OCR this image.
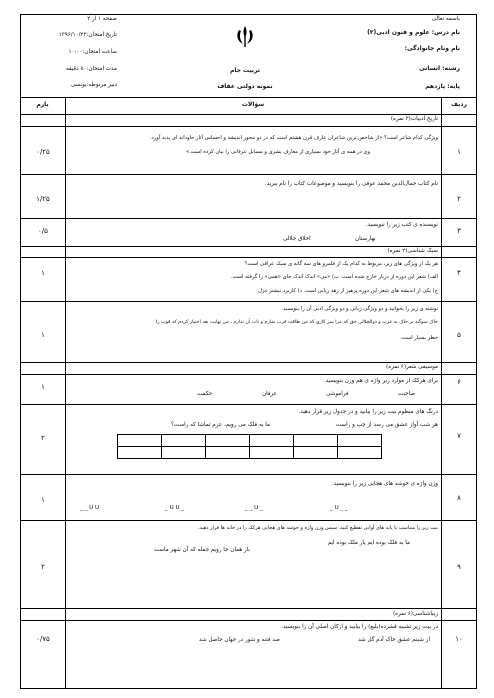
باسمه تعالی
نام درس: علوم و فنون ادبی(۲)
نام ونام خانوادگی:
رشته: انسانی
پایه: یازدهم
صفحه ۱ از ۲
تاریخ امتحان:۱۳۹۶/۱۰/۲۳
ساعت امتحان:۱۰:۰۰
مدت امتحان:۸۰ دقیقه
دبیر مربوطه:یونسی
تربیت جام
نمونه دولتی عفاف
ردیف
سؤالات
بارم
تاریخ ادبیات(۲ نمره)
۱
۰/۲۵
ویژگی کدام شاعر است؟ «از شاخص ترین شاعران عارف قرن هشتم است که در دو محور اندیشه و احساس آثار جاودانه ای پدید آورد.
وی در همه ی آثار خود بسیاری از معارف بشری و مسایل عرفانی را بیان کرده است.»
۲
۱/۲۵
نام کتاب جمال‌الدین محمد عوفی را بنویسید و موضوعات کتاب را نام ببرید.
۳
۰/۵
نویسنده ی کتب زیر را بنویسید.
بهارستان
اخلاق جلالی
سبک شناسی(۲ نمره)
۴
۱
هر یک از ویژگی های زیر، مربوط به کدام یک از قلمرو های سه گانه ی سبک عراقی است؟
الف) شعر این دوره از دربار خارج شده است. ب) «می» اندک اندک جای «همی» را گرفته است.
ج) یکی از اندیشه های شعر این دوره پرهیز از زهد ریایی است. د) کاربرد بیشتر غزل
۵
۱
نوشته ی زیر را بخوانید و دو ویژگی زبانی و دو ویژگی ادبی آن را بنویسید.
خاک سوگند بر خاک به عزت و ذوالجلالی حق که مرا سر کاری که من طاقت قرب نمارم و تاب آن ندارم ، من نهایت بعد اختیار کردم که قوت را
خطر بسیار است.
موسیقی شعر(۶ نمره)
۶
۱
برای هرکک از موارد زیر واژه ی هم وزن بنویسید.
صاحبت
فراموشی
عرفان
حکمت
۷
۲
درنگ های منظوم بیت زیر را بیابید و در جدول زیر قرار دهید.
هر شب آواز عشق می رسد از چپ و راست
ما به فلک می رویم، عزم تماشا که راست؟

۸
۱
وزن واژه ی خوشه های هجایی زیر را بنویسید.
_ _ U U	_ U U _	_ _ U _	_ U _ _
۹
۲
بیت زیر را متناسب با پایه های آوایی تقطیع کنید. سپس وزن واژه و خوشه های هجایی هرکک را در خانه ها قرار دهید.
ما به فلک بوده ایم یار ملک بوده ایم
باز همان جا رویم جمله که آن شهر ماست
زیباشناسی(۶ نمره)
۱۰
۰/۷۵
در بیت زیر تشبیه فشرده(بلیغ) را بیابید و ارکان اصلی آن را بنویسید.
از شبنم عشق خاک آدم گل شد
صد فتنه و شور در جهان حاصل شد
